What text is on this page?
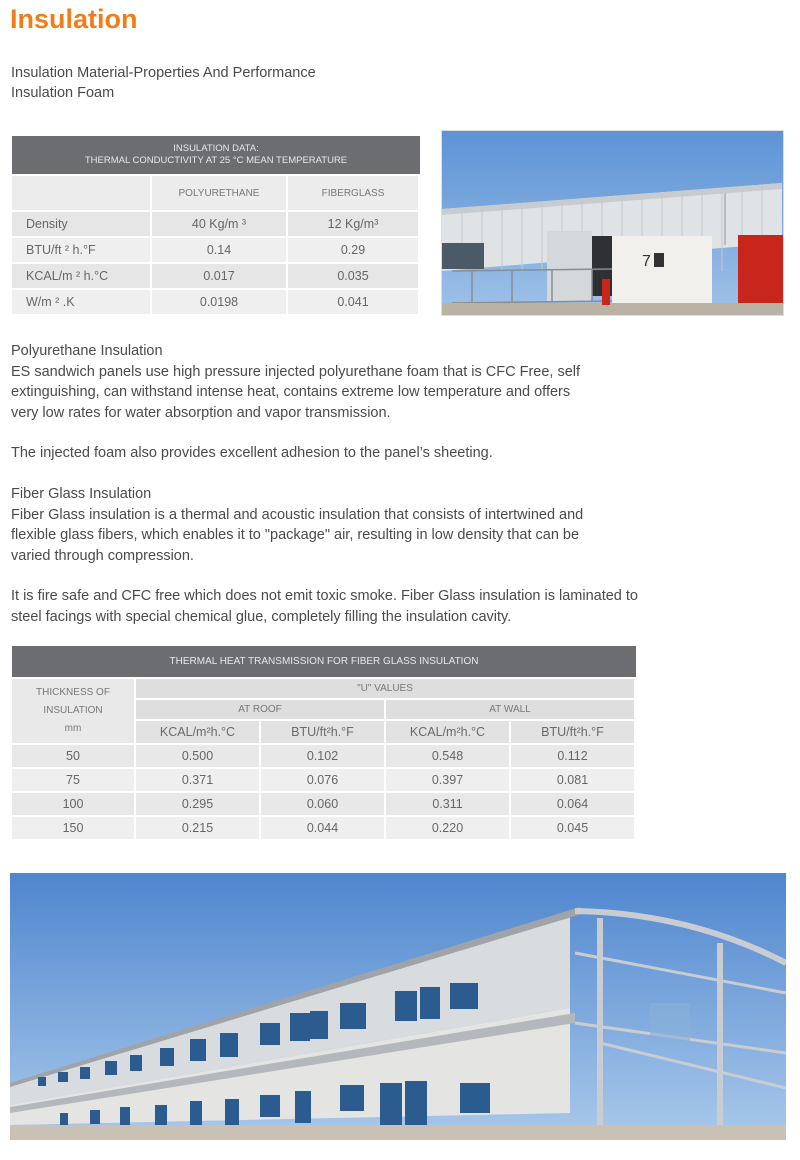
Insulation
Insulation Material-Properties And Performance
Insulation Foam
INSULATION DATA:
THERMAL CONDUCTIVITY AT 25 °C MEAN TEMPERATURE		

	POLYURETHANE	FIBERGLASS
Density	40 Kg/m ³	12 Kg/m³
BTU/ft ² h.°F	0.14	0.29
KCAL/m ² h.°C	0.017	0.035
W/m ² .K	0.0198	0.041
7
Polyurethane Insulation
ES sandwich panels use high pressure injected polyurethane foam that is CFC Free, self extinguishing, can withstand intense heat, contains extreme low temperature and offers very low rates for water absorption and vapor transmission.
The injected foam also provides excellent adhesion to the panel’s sheeting.
Fiber Glass Insulation
Fiber Glass insulation is a thermal and acoustic insulation that consists of intertwined and flexible glass fibers, which enables it to "package" air, resulting in low density that can be varied through compression.
It is fire safe and CFC free which does not emit toxic smoke. Fiber Glass insulation is laminated to steel facings with special chemical glue, completely filling the insulation cavity.
THERMAL HEAT TRANSMISSION FOR FIBER GLASS INSULATION				

THICKNESS OF
INSULATION
mm	"U" VALUES			
	AT ROOF		AT WALL	
	KCAL/m²h.°C	BTU/ft²h.°F	KCAL/m²h.°C	BTU/ft²h.°F
50	0.500	0.102	0.548	0.112
75	0.371	0.076	0.397	0.081
100	0.295	0.060	0.311	0.064
150	0.215	0.044	0.220	0.045
